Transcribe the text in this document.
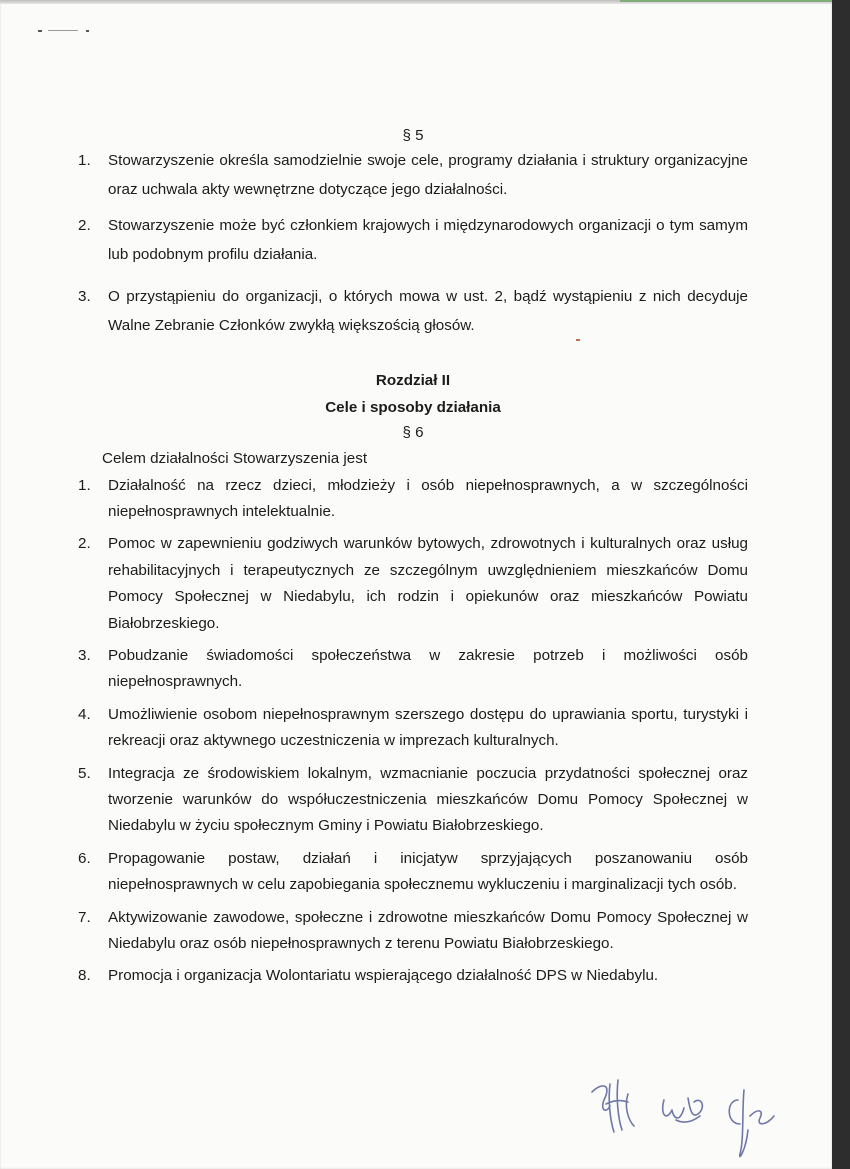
§ 5
1. Stowarzyszenie określa samodzielnie swoje cele, programy działania i struktury organizacyjne oraz uchwala akty wewnętrzne dotyczące jego działalności.
2. Stowarzyszenie może być członkiem krajowych i międzynarodowych organizacji o tym samym lub podobnym profilu działania.
3. O przystąpieniu do organizacji, o których mowa w ust. 2, bądź wystąpieniu z nich decyduje Walne Zebranie Członków zwykłą większością głosów.
Rozdział II
Cele i sposoby działania
§ 6
Celem działalności Stowarzyszenia jest
1. Działalność na rzecz dzieci, młodzieży i osób niepełnosprawnych, a w szczególności niepełnosprawnych intelektualnie.
2. Pomoc w zapewnieniu godziwych warunków bytowych, zdrowotnych i kulturalnych oraz usług rehabilitacyjnych i terapeutycznych ze szczególnym uwzględnieniem mieszkańców Domu Pomocy Społecznej w Niedabylu, ich rodzin i opiekunów oraz mieszkańców Powiatu Białobrzeskiego.
3. Pobudzanie świadomości społeczeństwa w zakresie potrzeb i możliwości osób niepełnosprawnych.
4. Umożliwienie osobom niepełnosprawnym szerszego dostępu do uprawiania sportu, turystyki i rekreacji oraz aktywnego uczestniczenia w imprezach kulturalnych.
5. Integracja ze środowiskiem lokalnym, wzmacnianie poczucia przydatności społecznej oraz tworzenie warunków do współuczestniczenia mieszkańców Domu Pomocy Społecznej w Niedabylu w życiu społecznym Gminy i Powiatu Białobrzeskiego.
6. Propagowanie postaw, działań i inicjatyw sprzyjających poszanowaniu osób niepełnosprawnych w celu zapobiegania społecznemu wykluczeniu i marginalizacji tych osób.
7. Aktywizowanie zawodowe, społeczne i zdrowotne mieszkańców Domu Pomocy Społecznej w Niedabylu oraz osób niepełnosprawnych z terenu Powiatu Białobrzeskiego.
8. Promocja i organizacja Wolontariatu wspierającego działalność DPS w Niedabylu.
